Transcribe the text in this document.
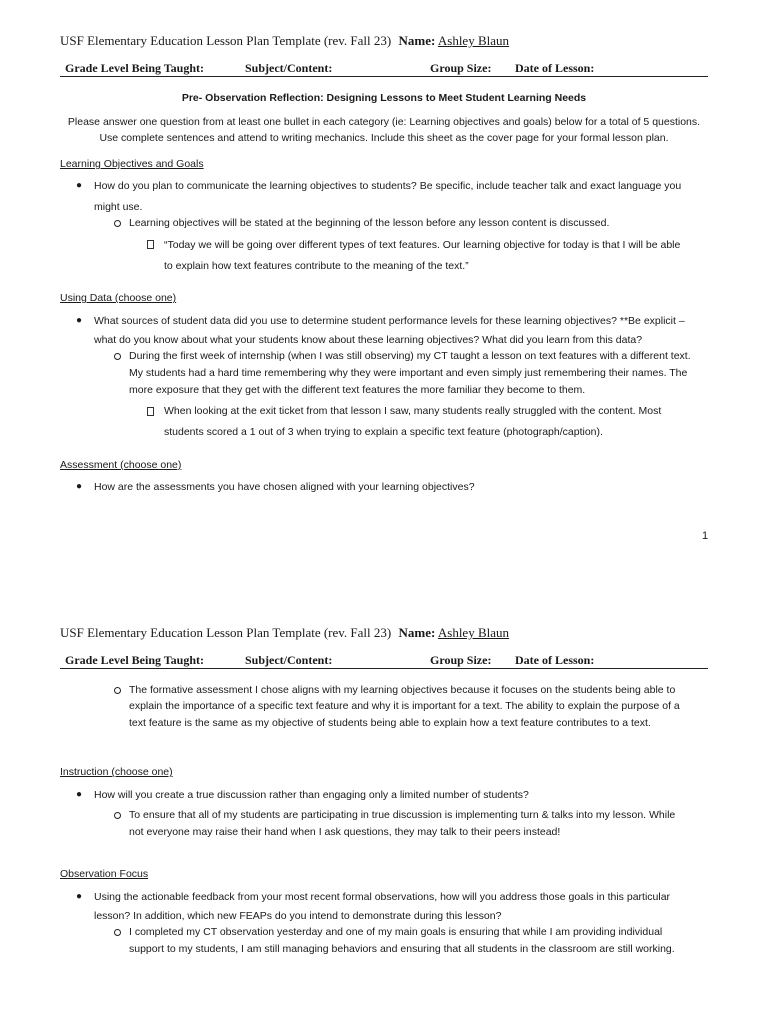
USF Elementary Education Lesson Plan Template (rev. Fall 23) Name: Ashley Blaun
Grade Level Being Taught:	Subject/Content:	Group Size: Date of Lesson:
Pre- Observation Reflection: Designing Lessons to Meet Student Learning Needs
Please answer one question from at least one bullet in each category (ie: Learning objectives and goals) below for a total of 5 questions.
Use complete sentences and attend to writing mechanics. Include this sheet as the cover page for your formal lesson plan.
Learning Objectives and Goals
● How do you plan to communicate the learning objectives to students? Be specific, include teacher talk and exact language you
might use.
Learning objectives will be stated at the beginning of the lesson before any lesson content is discussed.
“Today we will be going over different types of text features. Our learning objective for today is that I will be able
to explain how text features contribute to the meaning of the text.”
Using Data (choose one)
● What sources of student data did you use to determine student performance levels for these learning objectives? **Be explicit –
what do you know about what your students know about these learning objectives? What did you learn from this data?
During the first week of internship (when I was still observing) my CT taught a lesson on text features with a different text.
My students had a hard time remembering why they were important and even simply just remembering their names. The
more exposure that they get with the different text features the more familiar they become to them.
When looking at the exit ticket from that lesson I saw, many students really struggled with the content. Most
students scored a 1 out of 3 when trying to explain a specific text feature (photograph/caption).
Assessment (choose one)
● How are the assessments you have chosen aligned with your learning objectives?
1
USF Elementary Education Lesson Plan Template (rev. Fall 23) Name: Ashley Blaun
Grade Level Being Taught:	Subject/Content:	Group Size: Date of Lesson:
The formative assessment I chose aligns with my learning objectives because it focuses on the students being able to
explain the importance of a specific text feature and why it is important for a text. The ability to explain the purpose of a
text feature is the same as my objective of students being able to explain how a text feature contributes to a text.
Instruction (choose one)
● How will you create a true discussion rather than engaging only a limited number of students?
To ensure that all of my students are participating in true discussion is implementing turn & talks into my lesson. While
not everyone may raise their hand when I ask questions, they may talk to their peers instead!
Observation Focus
● Using the actionable feedback from your most recent formal observations, how will you address those goals in this particular
lesson? In addition, which new FEAPs do you intend to demonstrate during this lesson?
I completed my CT observation yesterday and one of my main goals is ensuring that while I am providing individual
support to my students, I am still managing behaviors and ensuring that all students in the classroom are still working.
